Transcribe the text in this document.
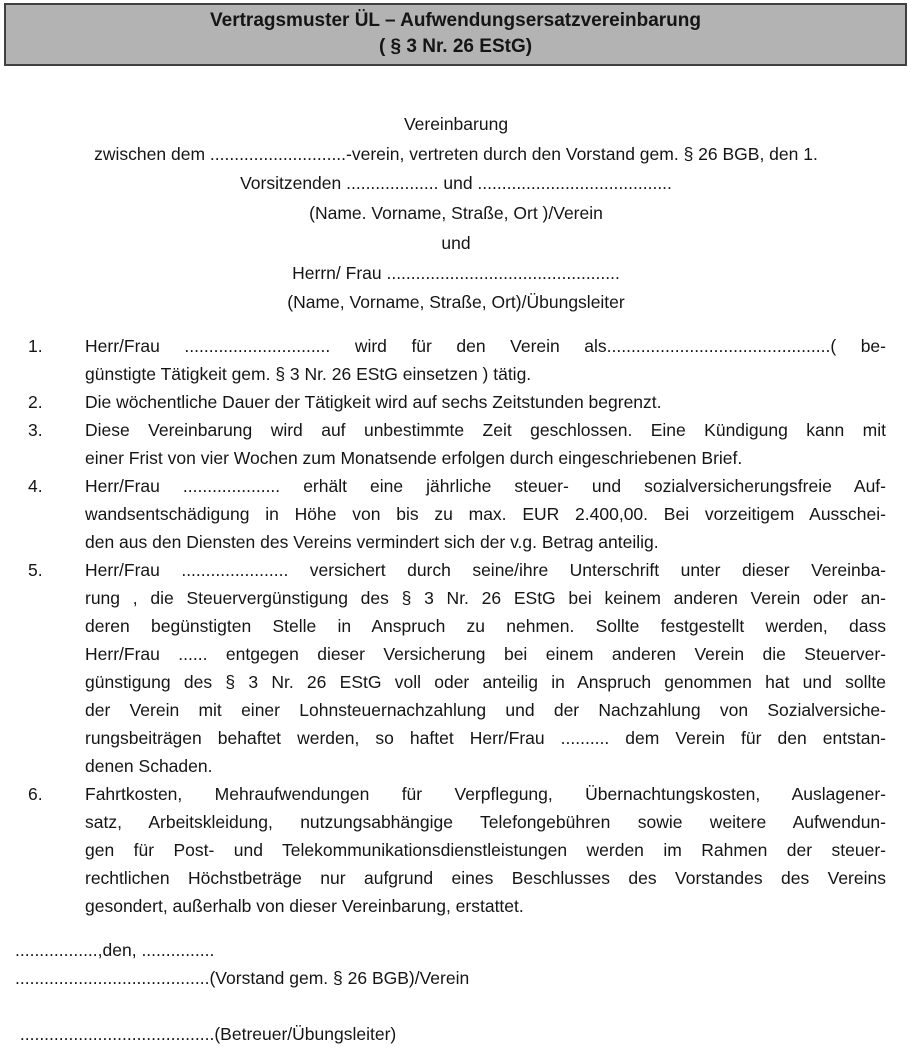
Vertragsmuster ÜL – Aufwendungsersatzvereinbarung
( § 3 Nr. 26 EStG)
Vereinbarung
zwischen dem ............................-verein, vertreten durch den Vorstand gem. § 26 BGB, den 1.
Vorsitzenden ................... und ........................................
(Name. Vorname, Straße, Ort )/Verein
und
Herrn/ Frau ................................................
(Name, Vorname, Straße, Ort)/Übungsleiter
1.	Herr/Frau .............................. wird für den Verein als..............................................( be-
günstigte Tätigkeit gem. § 3 Nr. 26 EStG einsetzen ) tätig.
2.	Die wöchentliche Dauer der Tätigkeit wird auf sechs Zeitstunden begrenzt.
3.	Diese Vereinbarung wird auf unbestimmte Zeit geschlossen. Eine Kündigung kann mit
einer Frist von vier Wochen zum Monatsende erfolgen durch eingeschriebenen Brief.
4.	Herr/Frau .................... erhält eine jährliche steuer- und sozialversicherungsfreie Auf-
wandsentschädigung in Höhe von bis zu max. EUR 2.400,00. Bei vorzeitigem Ausschei-
den aus den Diensten des Vereins vermindert sich der v.g. Betrag anteilig.
5.	Herr/Frau ...................... versichert durch seine/ihre Unterschrift unter dieser Vereinba-
rung , die Steuervergünstigung des § 3 Nr. 26 EStG bei keinem anderen Verein oder an-
deren begünstigten Stelle in Anspruch zu nehmen. Sollte festgestellt werden, dass
Herr/Frau ...... entgegen dieser Versicherung bei einem anderen Verein die Steuerver-
günstigung des § 3 Nr. 26 EStG voll oder anteilig in Anspruch genommen hat und sollte
der Verein mit einer Lohnsteuernachzahlung und der Nachzahlung von Sozialversiche-
rungsbeiträgen behaftet werden, so haftet Herr/Frau .......... dem Verein für den entstan-
denen Schaden.
6.	Fahrtkosten, Mehraufwendungen für Verpflegung, Übernachtungskosten, Auslagener-
satz, Arbeitskleidung, nutzungsabhängige Telefongebühren sowie weitere Aufwendun-
gen für Post- und Telekommunikationsdienstleistungen werden im Rahmen der steuer-
rechtlichen Höchstbeträge nur aufgrund eines Beschlusses des Vorstandes des Vereins
gesondert, außerhalb von dieser Vereinbarung, erstattet.
.................,den, ...............
........................................(Vorstand gem. § 26 BGB)/Verein
........................................(Betreuer/Übungsleiter)
